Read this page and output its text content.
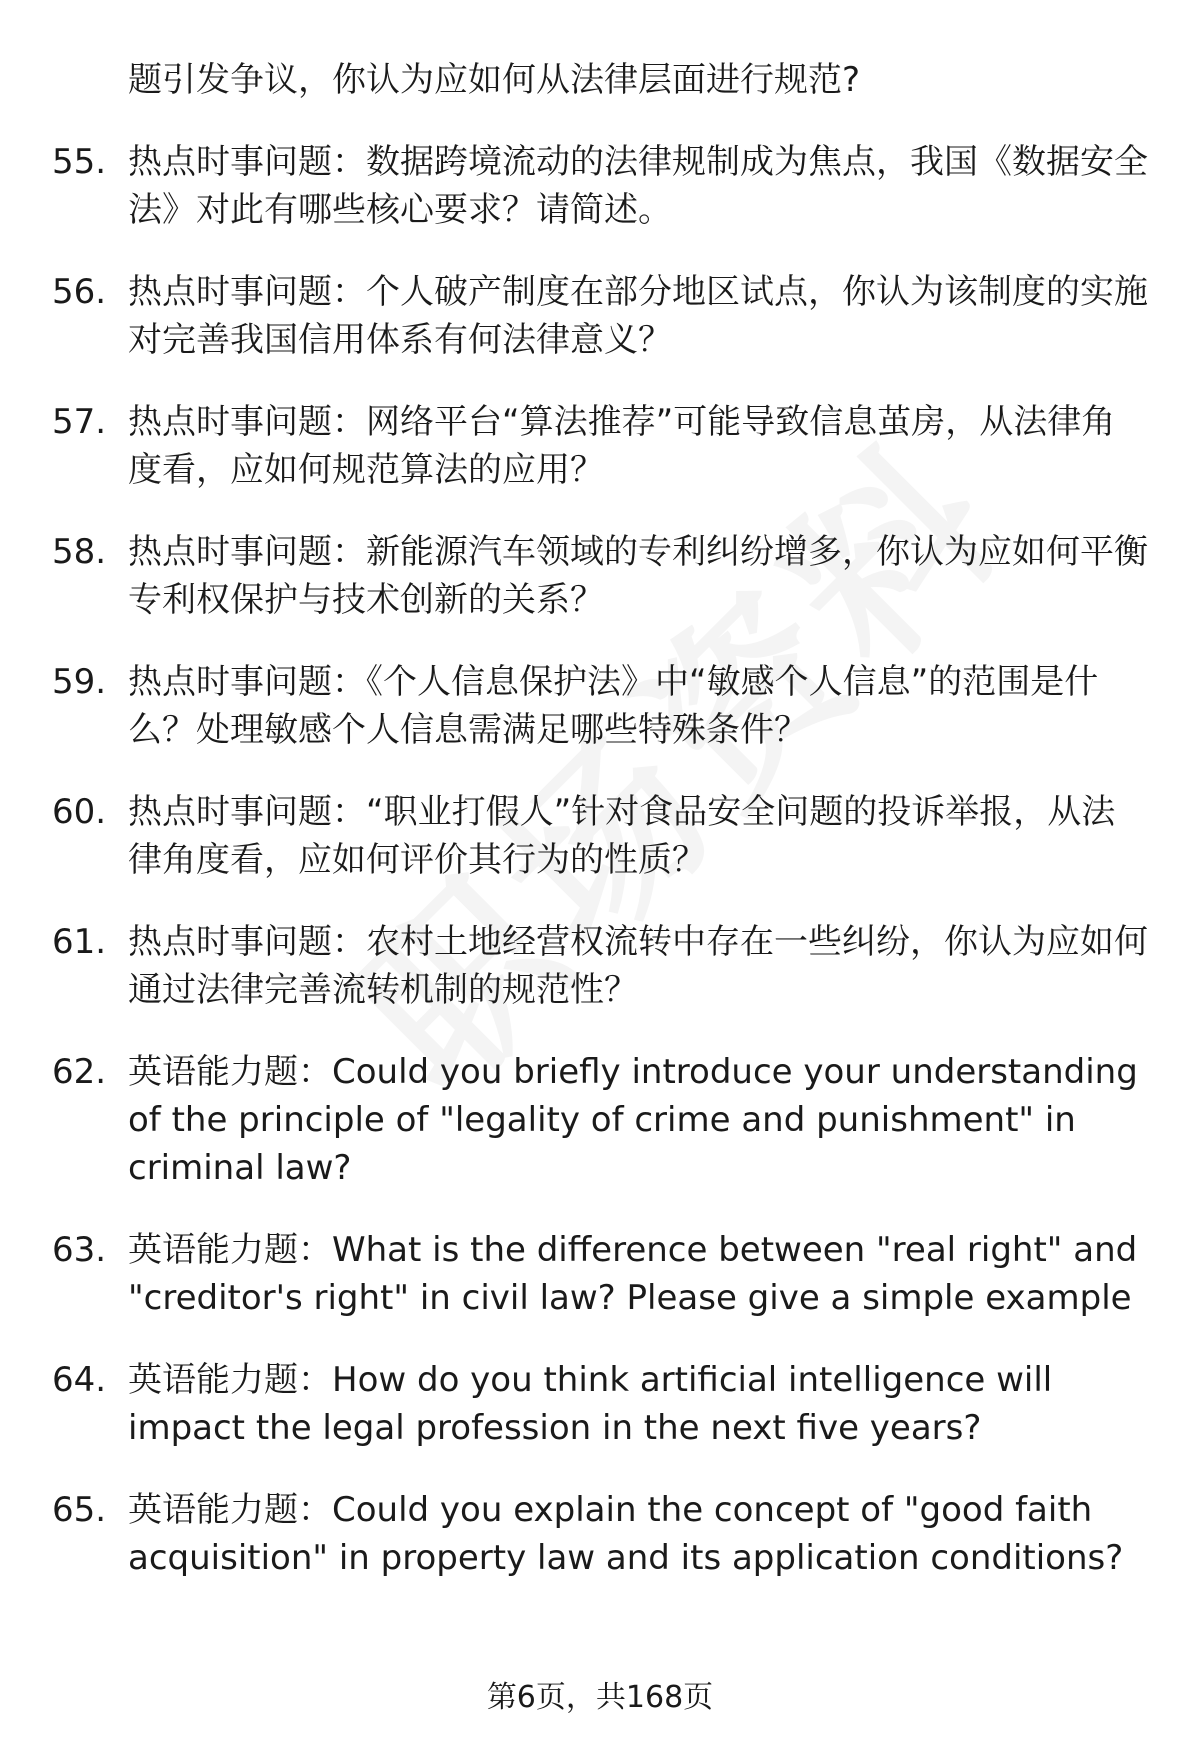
题引发争议，你认为应如何从法律层面进行规范?
55. 热点时事问题：数据跨境流动的法律规制成为焦点，我国《数据安全法》对此有哪些核心要求？请简述。
56. 热点时事问题：个人破产制度在部分地区试点，你认为该制度的实施对完善我国信用体系有何法律意义？
57. 热点时事问题：网络平台“算法推荐”可能导致信息茧房，从法律角度看，应如何规范算法的应用？
58. 热点时事问题：新能源汽车领域的专利纠纷增多，你认为应如何平衡专利权保护与技术创新的关系？
59. 热点时事问题：《个人信息保护法》中“敏感个人信息”的范围是什么？处理敏感个人信息需满足哪些特殊条件？
60. 热点时事问题：“职业打假人”针对食品安全问题的投诉举报，从法律角度看，应如何评价其行为的性质？
61. 热点时事问题：农村土地经营权流转中存在一些纠纷，你认为应如何通过法律完善流转机制的规范性？
62. 英语能力题：Could you briefly introduce your understanding of the principle of "legality of crime and punishment" in criminal law?
63. 英语能力题：What is the difference between "real right" and "creditor's right" in civil law? Please give a simple example
64. 英语能力题：How do you think artificial intelligence will impact the legal profession in the next five years?
65. 英语能力题：Could you explain the concept of "good faith acquisition" in property law and its application conditions?
第6页，共168页
